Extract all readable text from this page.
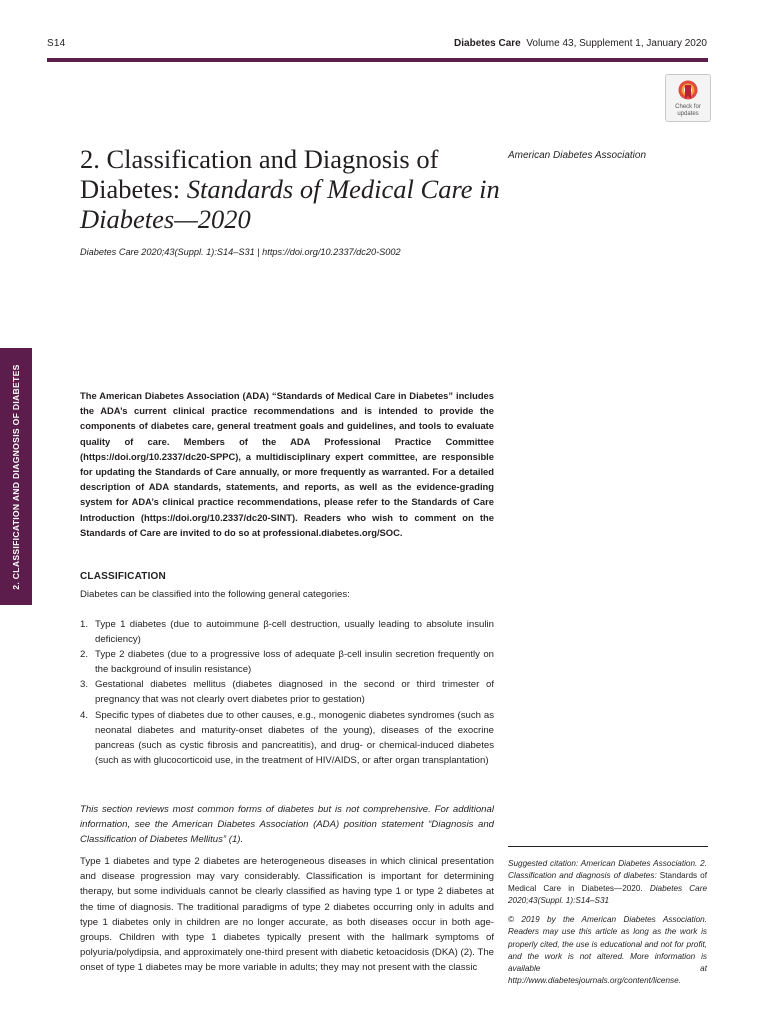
S14	Diabetes Care Volume 43, Supplement 1, January 2020
Check for
updates
2. Classification and Diagnosis of Diabetes: Standards of Medical Care in Diabetes—2020
Diabetes Care 2020;43(Suppl. 1):S14–S31 | https://doi.org/10.2337/dc20-S002
American Diabetes Association
2. CLASSIFICATION AND DIAGNOSIS OF DIABETES	The American Diabetes Association (ADA) “Standards of Medical Care in Diabetes” includes the ADA’s current clinical practice recommendations and is intended to provide the components of diabetes care, general treatment goals and guidelines, and tools to evaluate quality of care. Members of the ADA Professional Practice Committee (https://doi.org/10.2337/dc20-SPPC), a multidisciplinary expert committee, are responsible for updating the Standards of Care annually, or more frequently as warranted. For a detailed description of ADA standards, statements, and reports, as well as the evidence-grading system for ADA’s clinical practice recommendations, please refer to the Standards of Care Introduction (https://doi.org/10.2337/dc20-SINT). Readers who wish to comment on the Standards of Care are invited to do so at professional.diabetes.org/SOC.
CLASSIFICATION
Diabetes can be classified into the following general categories:
1. Type 1 diabetes (due to autoimmune β-cell destruction, usually leading to absolute insulin deficiency)
2. Type 2 diabetes (due to a progressive loss of adequate β-cell insulin secretion frequently on the background of insulin resistance)
3. Gestational diabetes mellitus (diabetes diagnosed in the second or third trimester of pregnancy that was not clearly overt diabetes prior to gestation)
4. Specific types of diabetes due to other causes, e.g., monogenic diabetes syndromes (such as neonatal diabetes and maturity-onset diabetes of the young), diseases of the exocrine pancreas (such as cystic fibrosis and pancreatitis), and drug- or chemical-induced diabetes (such as with glucocorticoid use, in the treatment of HIV/AIDS, or after organ transplantation)
This section reviews most common forms of diabetes but is not comprehensive. For additional information, see the American Diabetes Association (ADA) position statement “Diagnosis and Classification of Diabetes Mellitus” (1).
Type 1 diabetes and type 2 diabetes are heterogeneous diseases in which clinical presentation and disease progression may vary considerably. Classification is important for determining therapy, but some individuals cannot be clearly classified as having type 1 or type 2 diabetes at the time of diagnosis. The traditional paradigms of type 2 diabetes occurring only in adults and type 1 diabetes only in children are no longer accurate, as both diseases occur in both age-groups. Children with type 1 diabetes typically present with the hallmark symptoms of polyuria/polydipsia, and approximately one-third present with diabetic ketoacidosis (DKA) (2). The onset of type 1 diabetes may be more variable in adults; they may not present with the classic
Suggested citation: American Diabetes Association. 2. Classification and diagnosis of diabetes: Standards of Medical Care in Diabetes—2020. Diabetes Care 2020;43(Suppl. 1):S14–S31
© 2019 by the American Diabetes Association. Readers may use this article as long as the work is properly cited, the use is educational and not for profit, and the work is not altered. More information is available at http://www.diabetesjournals.org/content/license.
